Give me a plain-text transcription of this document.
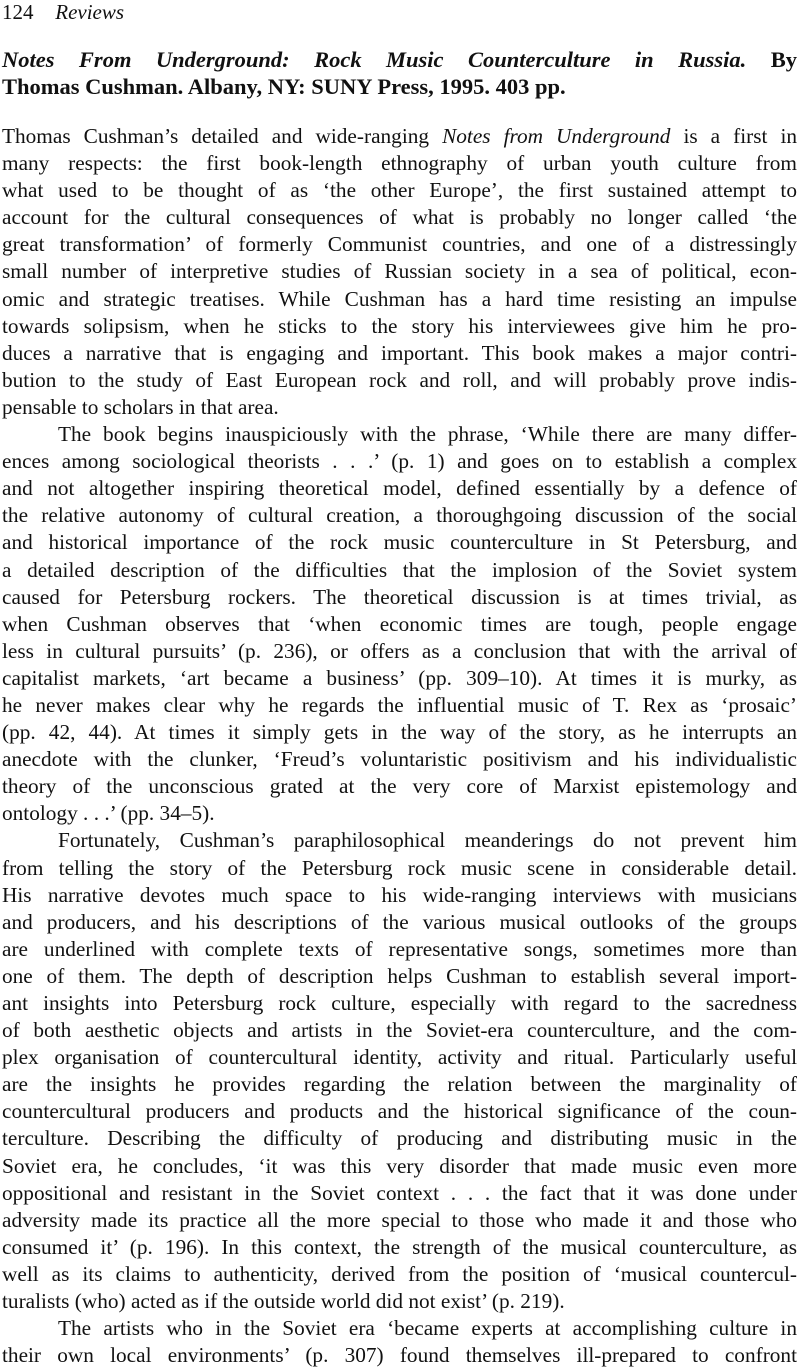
124 Reviews
Notes From Underground: Rock Music Counterculture in Russia. By
Thomas Cushman. Albany, NY: SUNY Press, 1995. 403 pp.
Thomas Cushman’s detailed and wide-ranging Notes from Underground is a first in
many respects: the first book-length ethnography of urban youth culture from
what used to be thought of as ‘the other Europe’, the first sustained attempt to
account for the cultural consequences of what is probably no longer called ‘the
great transformation’ of formerly Communist countries, and one of a distressingly
small number of interpretive studies of Russian society in a sea of political, econ-
omic and strategic treatises. While Cushman has a hard time resisting an impulse
towards solipsism, when he sticks to the story his interviewees give him he pro-
duces a narrative that is engaging and important. This book makes a major contri-
bution to the study of East European rock and roll, and will probably prove indis-
pensable to scholars in that area.
The book begins inauspiciously with the phrase, ‘While there are many differ-
ences among sociological theorists . . .’ (p. 1) and goes on to establish a complex
and not altogether inspiring theoretical model, defined essentially by a defence of
the relative autonomy of cultural creation, a thoroughgoing discussion of the social
and historical importance of the rock music counterculture in St Petersburg, and
a detailed description of the difficulties that the implosion of the Soviet system
caused for Petersburg rockers. The theoretical discussion is at times trivial, as
when Cushman observes that ‘when economic times are tough, people engage
less in cultural pursuits’ (p. 236), or offers as a conclusion that with the arrival of
capitalist markets, ‘art became a business’ (pp. 309–10). At times it is murky, as
he never makes clear why he regards the influential music of T. Rex as ‘prosaic’
(pp. 42, 44). At times it simply gets in the way of the story, as he interrupts an
anecdote with the clunker, ‘Freud’s voluntaristic positivism and his individualistic
theory of the unconscious grated at the very core of Marxist epistemology and
ontology . . .’ (pp. 34–5).
Fortunately, Cushman’s paraphilosophical meanderings do not prevent him
from telling the story of the Petersburg rock music scene in considerable detail.
His narrative devotes much space to his wide-ranging interviews with musicians
and producers, and his descriptions of the various musical outlooks of the groups
are underlined with complete texts of representative songs, sometimes more than
one of them. The depth of description helps Cushman to establish several import-
ant insights into Petersburg rock culture, especially with regard to the sacredness
of both aesthetic objects and artists in the Soviet-era counterculture, and the com-
plex organisation of countercultural identity, activity and ritual. Particularly useful
are the insights he provides regarding the relation between the marginality of
countercultural producers and products and the historical significance of the coun-
terculture. Describing the difficulty of producing and distributing music in the
Soviet era, he concludes, ‘it was this very disorder that made music even more
oppositional and resistant in the Soviet context . . . the fact that it was done under
adversity made its practice all the more special to those who made it and those who
consumed it’ (p. 196). In this context, the strength of the musical counterculture, as
well as its claims to authenticity, derived from the position of ‘musical countercul-
turalists (who) acted as if the outside world did not exist’ (p. 219).
The artists who in the Soviet era ‘became experts at accomplishing culture in
their own local environments’ (p. 307) found themselves ill-prepared to confront
